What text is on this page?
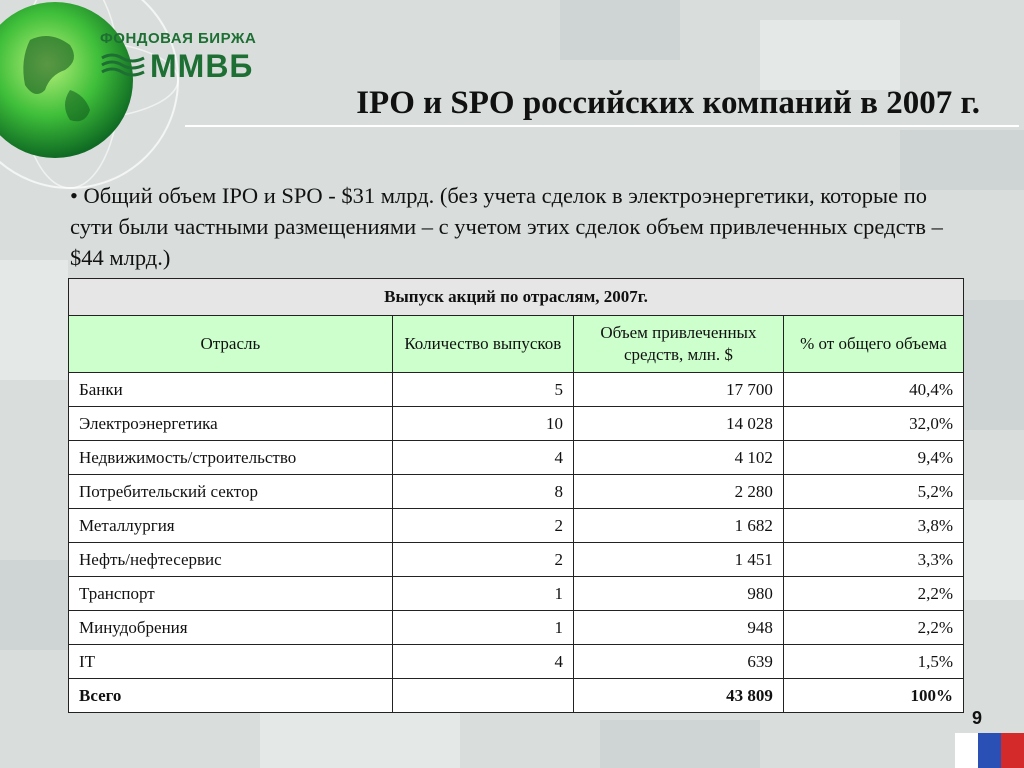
ФОНДОВАЯ БИРЖА
ММВБ
IPO и SPO российских компаний в 2007 г.
• Общий объем IPO и SPO - $31 млрд. (без учета сделок в электроэнергетики, которые по сути были частными размещениями – с учетом этих сделок объем привлеченных средств – $44 млрд.)
Выпуск акций по отраслям, 2007г.			
Отрасль	Количество выпусков	Объем привлеченных средств, млн. $	% от общего объема
Банки	5	17 700	40,4%
Электроэнергетика	10	14 028	32,0%
Недвижимость/строительство	4	4 102	9,4%
Потребительский сектор	8	2 280	5,2%
Металлургия	2	1 682	3,8%
Нефть/нефтесервис	2	1 451	3,3%
Транспорт	1	980	2,2%
Минудобрения	1	948	2,2%
IT	4	639	1,5%
Всего		43 809	100%
9
